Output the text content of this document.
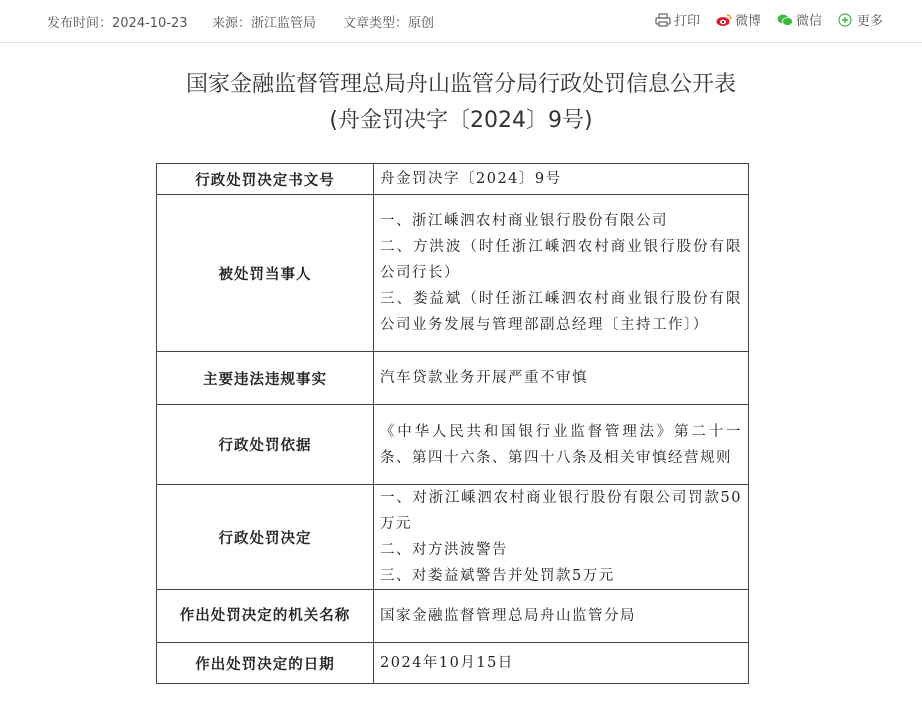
发布时间：2024-10-23 来源：浙江监管局 文章类型：原创	打印	微博	微信	更多
国家金融监督管理总局舟山监管分局行政处罚信息公开表
(舟金罚决字〔2024〕9号)
行政处罚决定书文号	舟金罚决字〔2024〕9号

被处罚当事人	一、浙江嵊泗农村商业银行股份有限公司
二、方洪波（时任浙江嵊泗农村商业银行股份有限公司行长）
三、娄益斌（时任浙江嵊泗农村商业银行股份有限公司业务发展与管理部副总经理〔主持工作〕）

主要违法违规事实	汽车贷款业务开展严重不审慎

行政处罚依据	《中华人民共和国银行业监督管理法》第二十一条、第四十六条、第四十八条及相关审慎经营规则

行政处罚决定	一、对浙江嵊泗农村商业银行股份有限公司罚款50万元
二、对方洪波警告
三、对娄益斌警告并处罚款5万元

作出处罚决定的机关名称	国家金融监督管理总局舟山监管分局

作出处罚决定的日期	2024年10月15日
